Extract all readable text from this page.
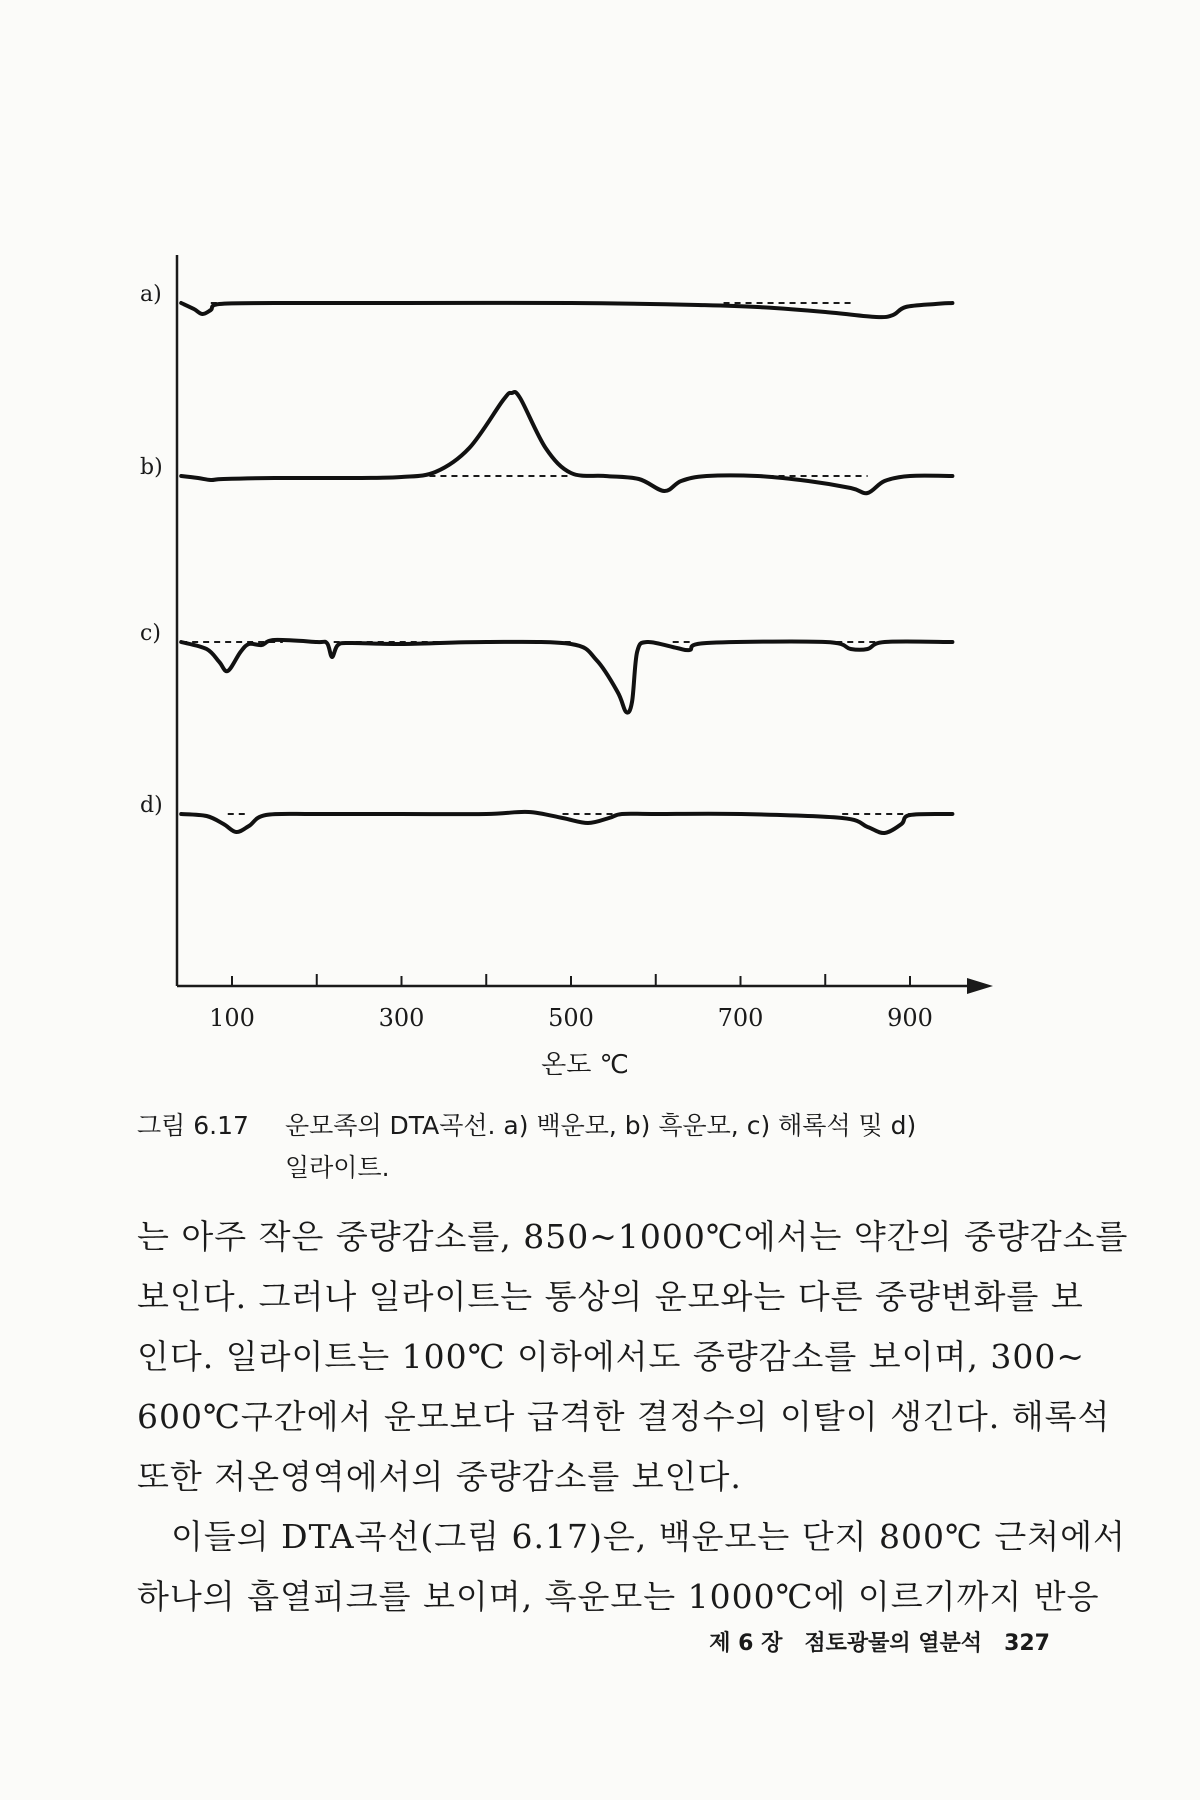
100	300	500	700	900
온도 ℃
a)
b)
c)
d)
그림 6.17 운모족의 DTA곡선. a) 백운모, b) 흑운모, c) 해록석 및 d)
일라이트.

는 아주 작은 중량감소를, 850~1000℃에서는 약간의 중량감소를

보인다. 그러나 일라이트는 통상의 운모와는 다른 중량변화를 보

인다. 일라이트는 100℃ 이하에서도 중량감소를 보이며, 300~

600℃구간에서 운모보다 급격한 결정수의 이탈이 생긴다. 해록석

또한 저온영역에서의 중량감소를 보인다.

　이들의 DTA곡선(그림 6.17)은, 백운모는 단지 800℃ 근처에서

하나의 흡열피크를 보이며, 흑운모는 1000℃에 이르기까지 반응

제 6 장 점토광물의 열분석 327
